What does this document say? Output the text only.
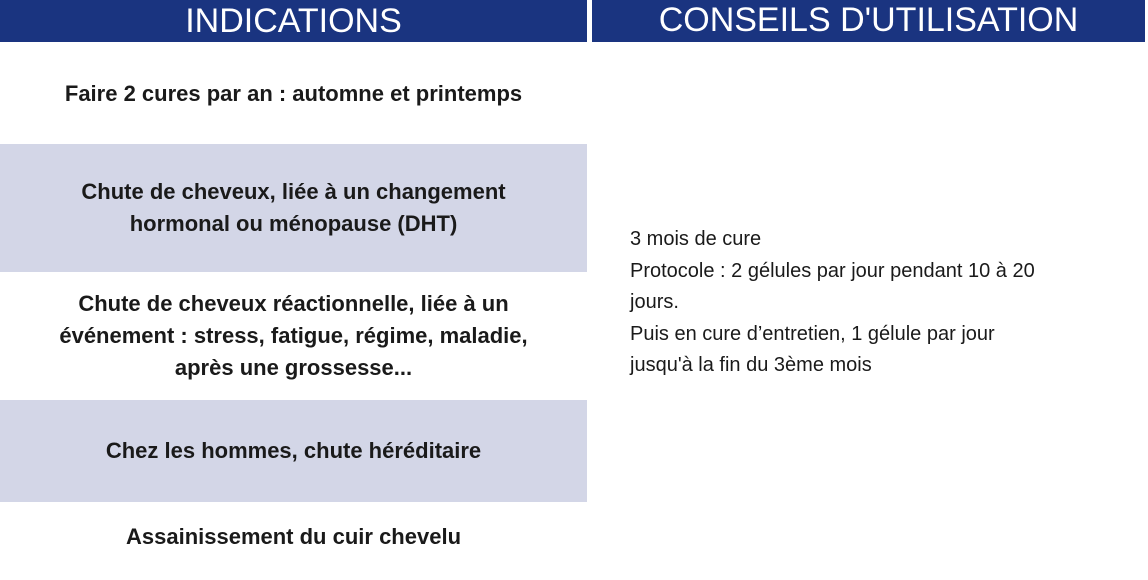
INDICATIONS	CONSEILS D'UTILISATION
Faire 2 cures par an : automne et printemps
Chute de cheveux, liée à un changement
hormonal ou ménopause (DHT)
Chute de cheveux réactionnelle, liée à un
événement : stress, fatigue, régime, maladie,
après une grossesse...
Chez les hommes, chute héréditaire
Assainissement du cuir chevelu

3 mois de cure

Protocole : 2 gélules par jour pendant 10 à 20

jours.

Puis en cure d’entretien, 1 gélule par jour

jusqu'à la fin du 3ème mois
